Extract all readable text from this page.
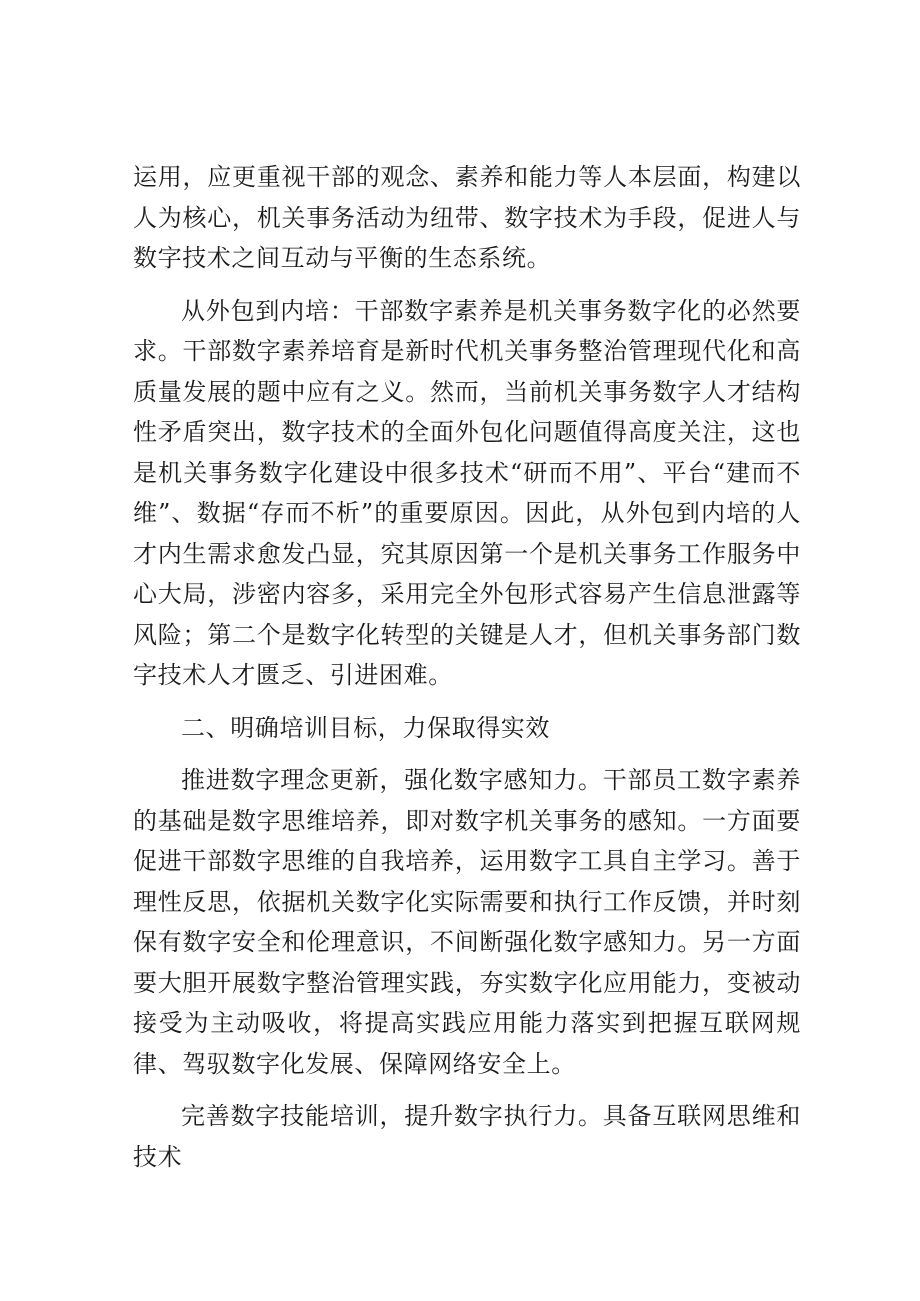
运用，应更重视干部的观念、素养和能力等人本层面，构建以人为核心，机关事务活动为纽带、数字技术为手段，促进人与数字技术之间互动与平衡的生态系统。

从外包到内培：干部数字素养是机关事务数字化的必然要求。干部数字素养培育是新时代机关事务整治管理现代化和高质量发展的题中应有之义。然而，当前机关事务数字人才结构性矛盾突出，数字技术的全面外包化问题值得高度关注，这也是机关事务数字化建设中很多技术“研而不用”、平台“建而不维”、数据“存而不析”的重要原因。因此，从外包到内培的人才内生需求愈发凸显，究其原因第一个是机关事务工作服务中心大局，涉密内容多，采用完全外包形式容易产生信息泄露等风险；第二个是数字化转型的关键是人才，但机关事务部门数字技术人才匮乏、引进困难。

二、明确培训目标，力保取得实效

推进数字理念更新，强化数字感知力。干部员工数字素养的基础是数字思维培养，即对数字机关事务的感知。一方面要促进干部数字思维的自我培养，运用数字工具自主学习。善于理性反思，依据机关数字化实际需要和执行工作反馈，并时刻保有数字安全和伦理意识，不间断强化数字感知力。另一方面要大胆开展数字整治管理实践，夯实数字化应用能力，变被动接受为主动吸收，将提高实践应用能力落实到把握互联网规律、驾驭数字化发展、保障网络安全上。

完善数字技能培训，提升数字执行力。具备互联网思维和技术
